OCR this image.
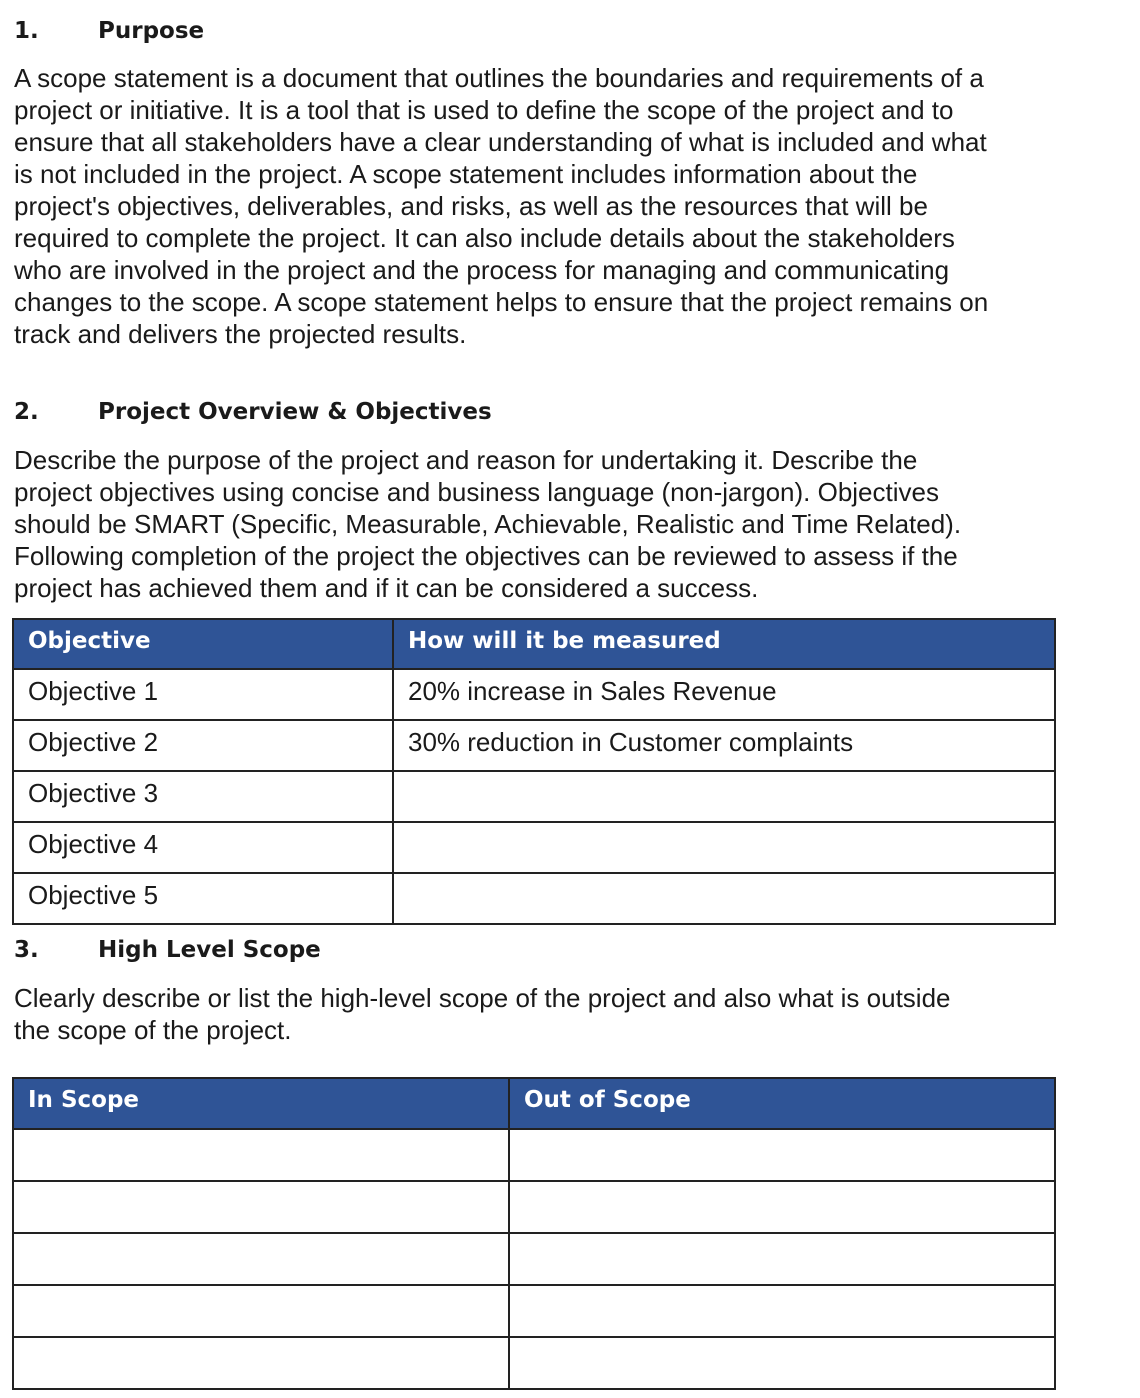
1.	Purpose
A scope statement is a document that outlines the boundaries and requirements of a
project or initiative. It is a tool that is used to define the scope of the project and to
ensure that all stakeholders have a clear understanding of what is included and what
is not included in the project. A scope statement includes information about the
project's objectives, deliverables, and risks, as well as the resources that will be
required to complete the project. It can also include details about the stakeholders
who are involved in the project and the process for managing and communicating
changes to the scope. A scope statement helps to ensure that the project remains on
track and delivers the projected results.
2.	Project Overview & Objectives
Describe the purpose of the project and reason for undertaking it. Describe the
project objectives using concise and business language (non-jargon). Objectives
should be SMART (Specific, Measurable, Achievable, Realistic and Time Related).
Following completion of the project the objectives can be reviewed to assess if the
project has achieved them and if it can be considered a success.
Objective	How will it be measured
Objective 1	20% increase in Sales Revenue
Objective 2	30% reduction in Customer complaints
Objective 3	
Objective 4	
Objective 5	
3.	High Level Scope
Clearly describe or list the high-level scope of the project and also what is outside
the scope of the project.
In Scope	Out of Scope
